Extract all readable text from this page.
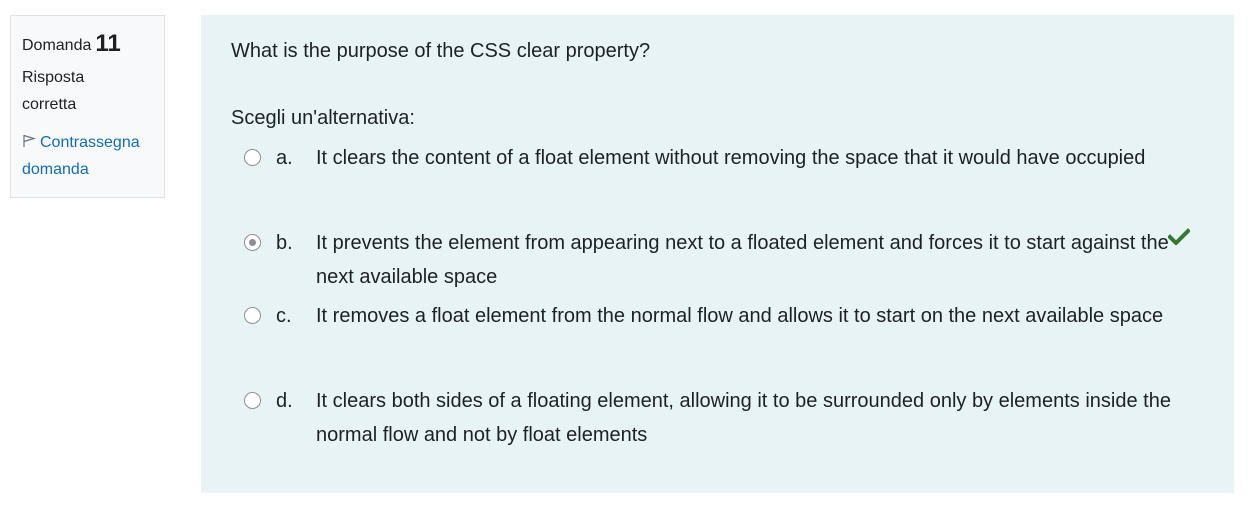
Domanda 11
Risposta corretta
Contrassegna domanda
What is the purpose of the CSS clear property?
Scegli un'alternativa:
a. It clears the content of a float element without removing the space that it would have occupied
b. It prevents the element from appearing next to a floated element and forces it to start against the next available space
c. It removes a float element from the normal flow and allows it to start on the next available space
d. It clears both sides of a floating element, allowing it to be surrounded only by elements inside the normal flow and not by float elements
